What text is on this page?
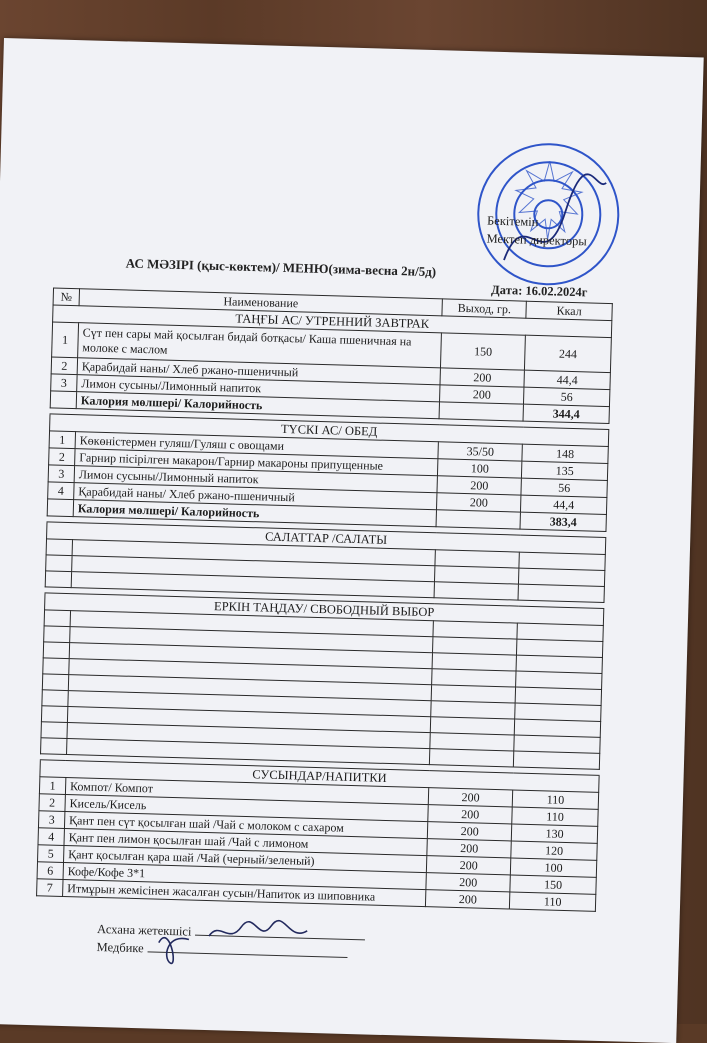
Бекітемін
Мектеп директоры
АС МӘЗІРІ (қыс-көктем)/ МЕНЮ(зима-весна 2н/5д)
Дата: 16.02.2024г
№	Наименование	Выход, гр.	Ккал
ТАҢҒЫ АС/ УТРЕННИЙ ЗАВТРАК			
1	Сүт пен сары май қосылған бидай ботқасы/ Каша пшеничная на молоке с маслом	150	244
2	Қарабидай наны/ Хлеб ржано-пшеничный	200	44,4
3	Лимон сусыны/Лимонный напиток	200	56
	Калория мөлшері/ Калорийность		344,4

ТҮСКІ АС/ ОБЕД			
1	Көкөністермен гуляш/Гуляш с овощами	35/50	148
2	Гарнир пісірілген макарон/Гарнир макароны припущенные	100	135
3	Лимон сусыны/Лимонный напиток	200	56
4	Қарабидай наны/ Хлеб ржано-пшеничный	200	44,4
	Калория мөлшері/ Калорийность		383,4

САЛАТТАР /САЛАТЫ			

ЕРКІН ТАҢДАУ/ СВОБОДНЫЙ ВЫБОР			

СУСЫНДАР/НАПИТКИ			
1	Компот/ Компот	200	110
2	Кисель/Кисель	200	110
3	Қант пен сүт қосылған шай /Чай с молоком с сахаром	200	130
4	Қант пен лимон қосылған шай /Чай с лимоном	200	120
5	Қант қосылған қара шай /Чай (черный/зеленый)	200	100
6	Кофе/Кофе 3*1	200	150
7	Итмұрын жемісінен жасалған сусын/Напиток из шиповника	200	110
Асхана жетекшісі
Медбике
